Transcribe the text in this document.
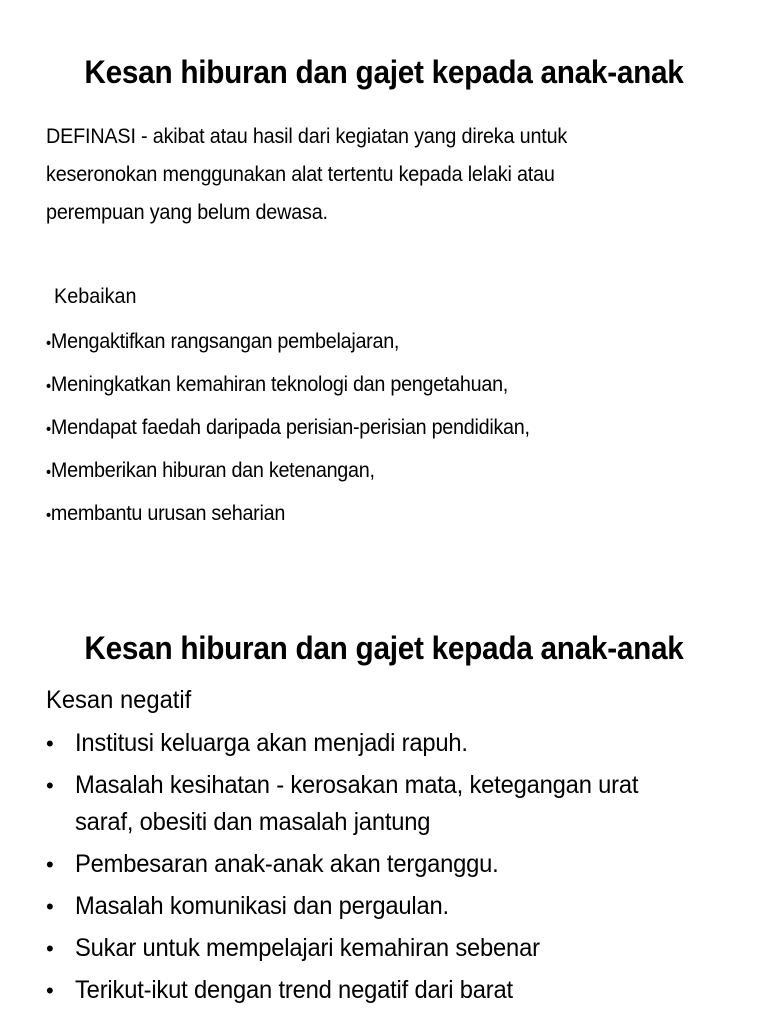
Kesan hiburan dan gajet kepada anak-anak
DEFINASI - akibat atau hasil dari kegiatan yang direka untuk
keseronokan menggunakan alat tertentu kepada lelaki atau
perempuan yang belum dewasa.
Kebaikan
•Mengaktifkan rangsangan pembelajaran,
•Meningkatkan kemahiran teknologi dan pengetahuan,
•Mendapat faedah daripada perisian-perisian pendidikan,
•Memberikan hiburan dan ketenangan,
•membantu urusan seharian
Kesan hiburan dan gajet kepada anak-anak
Kesan negatif
• Institusi keluarga akan menjadi rapuh.
• Masalah kesihatan - kerosakan mata, ketegangan urat
saraf, obesiti dan masalah jantung
• Pembesaran anak-anak akan terganggu.
• Masalah komunikasi dan pergaulan.
• Sukar untuk mempelajari kemahiran sebenar
• Terikut-ikut dengan trend negatif dari barat
